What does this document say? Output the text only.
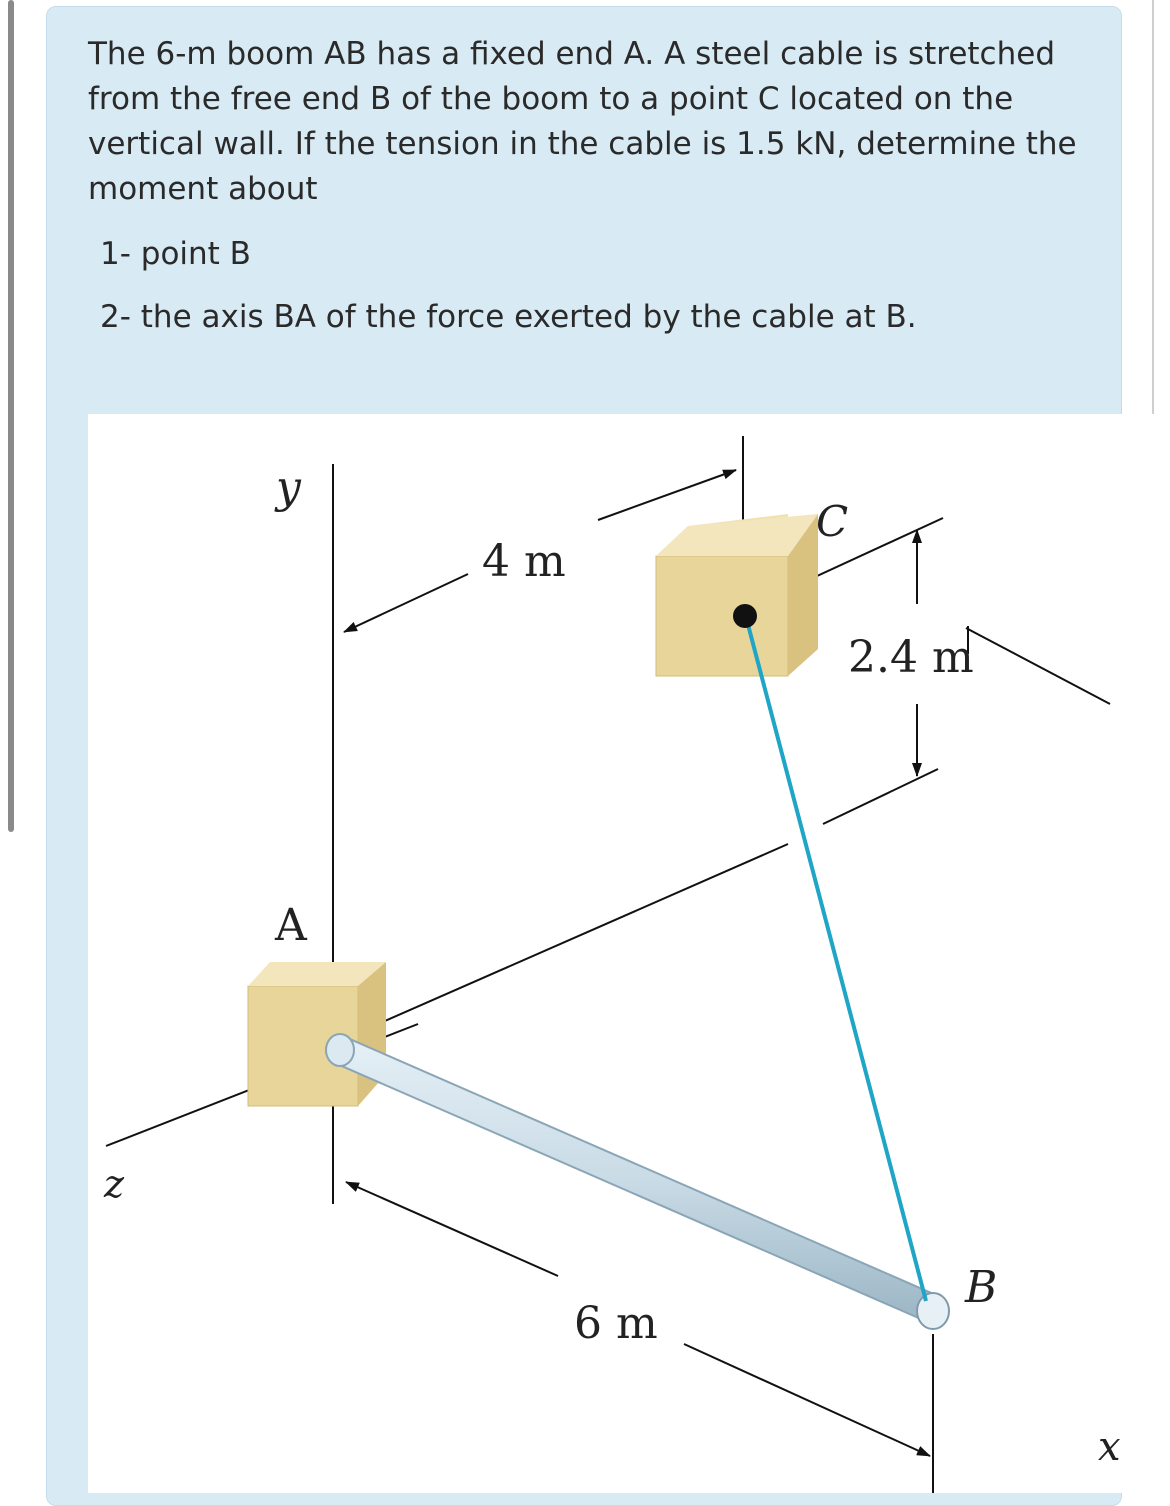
The 6-m boom AB has a fixed end A. A steel cable is stretched from the free end B of the boom to a point C located on the vertical wall. If the tension in the cable is 1.5 kN, determine the moment about

1- point B
2- the axis BA of the force exerted by the cable at B.
y
z
x
A
C
B
4 m
2.4 m
6 m
